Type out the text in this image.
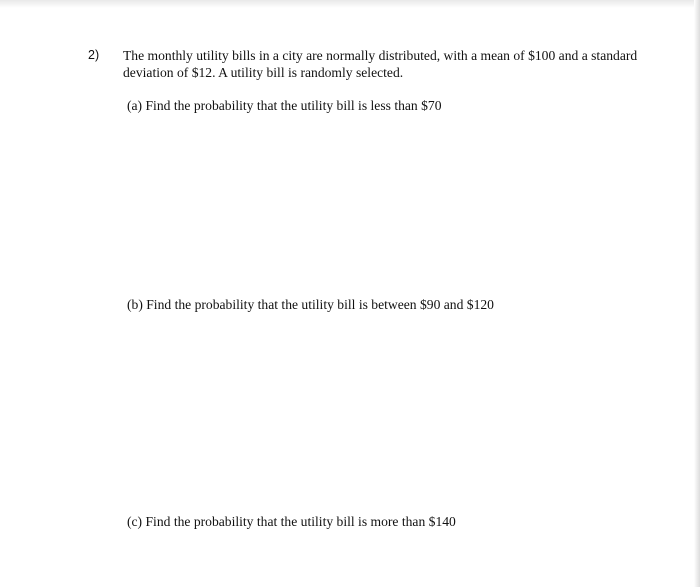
2) The monthly utility bills in a city are normally distributed, with a mean of $100 and a standard deviation of $12. A utility bill is randomly selected.

(a) Find the probability that the utility bill is less than $70

(b) Find the probability that the utility bill is between $90 and $120

(c) Find the probability that the utility bill is more than $140
